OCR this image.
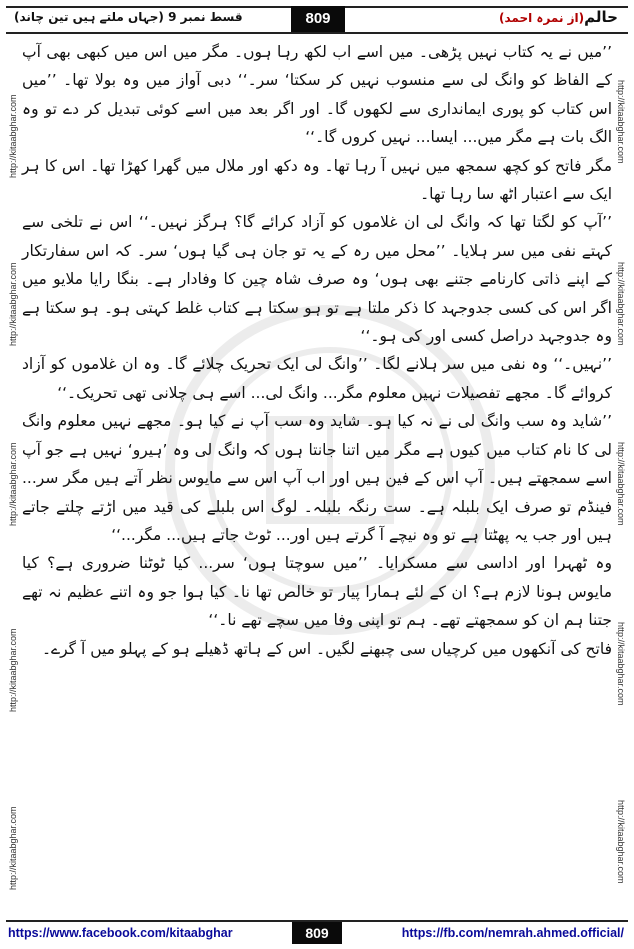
قسط نمبر 9 (جہاں ملتے ہیں تین چاند)	809	حالم(از نمرہ احمد)
http://kitaabghar.com
http://kitaabghar.com
http://kitaabghar.com
http://kitaabghar.com
http://kitaabghar.com
http://kitaabghar.com
http://kitaabghar.com
http://kitaabghar.com
http://kitaabghar.com
http://kitaabghar.com

’’میں نے یہ کتاب نہیں پڑھی۔ میں اسے اب لکھ رہا ہوں۔ مگر میں اس میں کبھی بھی آپ کے الفاظ کو وانگ لی سے منسوب نہیں کر سکتا‘ سر۔‘‘ دبی آواز میں وہ بولا تھا۔ ’’میں اس کتاب کو پوری ایمانداری سے لکھوں گا۔ اور اگر بعد میں اسے کوئی تبدیل کر دے تو وہ الگ بات ہے مگر میں... ایسا... نہیں کروں گا۔‘‘

مگر فاتح کو کچھ سمجھ میں نہیں آ رہا تھا۔ وہ دکھ اور ملال میں گھرا کھڑا تھا۔ اس کا ہر ایک سے اعتبار اٹھ سا رہا تھا۔

’’آپ کو لگتا تھا کہ وانگ لی ان غلاموں کو آزاد کرائے گا؟ ہرگز نہیں۔‘‘ اس نے تلخی سے کہتے نفی میں سر ہلایا۔ ’’محل میں رہ کے یہ تو جان ہی گیا ہوں‘ سر۔ کہ اس سفارتکار کے اپنے ذاتی کارنامے جتنے بھی ہوں‘ وہ صرف شاہ چین کا وفادار ہے۔ بنگا رایا ملایو میں اگر اس کی کسی جدوجہد کا ذکر ملتا ہے تو ہو سکتا ہے کتاب غلط کہتی ہو۔ ہو سکتا ہے وہ جدوجہد دراصل کسی اور کی ہو۔‘‘

’’نہیں۔‘‘ وہ نفی میں سر ہلانے لگا۔ ’’وانگ لی ایک تحریک چلائے گا۔ وہ ان غلاموں کو آزاد کروائے گا۔ مجھے تفصیلات نہیں معلوم مگر... وانگ لی... اسے ہی چلانی تھی تحریک۔‘‘

’’شاید وہ سب وانگ لی نے نہ کیا ہو۔ شاید وہ سب آپ نے کیا ہو۔ مجھے نہیں معلوم وانگ لی کا نام کتاب میں کیوں ہے مگر میں اتنا جانتا ہوں کہ وانگ لی وہ ’ہیرو‘ نہیں ہے جو آپ اسے سمجھتے ہیں۔ آپ اس کے فین ہیں اور اب آپ اس سے مایوس نظر آتے ہیں مگر سر... فینڈم تو صرف ایک بلبلہ ہے۔ ست رنگہ بلبلہ۔ لوگ اس بلبلے کی قید میں اڑتے چلتے جاتے ہیں اور جب یہ پھٹتا ہے تو وہ نیچے آ گرتے ہیں اور... ٹوٹ جاتے ہیں... مگر...‘‘

وہ ٹھہرا اور اداسی سے مسکرایا۔ ’’میں سوچتا ہوں‘ سر... کیا ٹوٹنا ضروری ہے؟ کیا مایوس ہونا لازم ہے؟ ان کے لئے ہمارا پیار تو خالص تھا نا۔ کیا ہوا جو وہ اتنے عظیم نہ تھے جتنا ہم ان کو سمجھتے تھے۔ ہم تو اپنی وفا میں سچے تھے نا۔‘‘

فاتح کی آنکھوں میں کرچیاں سی چبھنے لگیں۔ اس کے ہاتھ ڈھیلے ہو کے پہلو میں آ گرے۔

https://www.facebook.com/kitaabghar	809	https://fb.com/nemrah.ahmed.official/
